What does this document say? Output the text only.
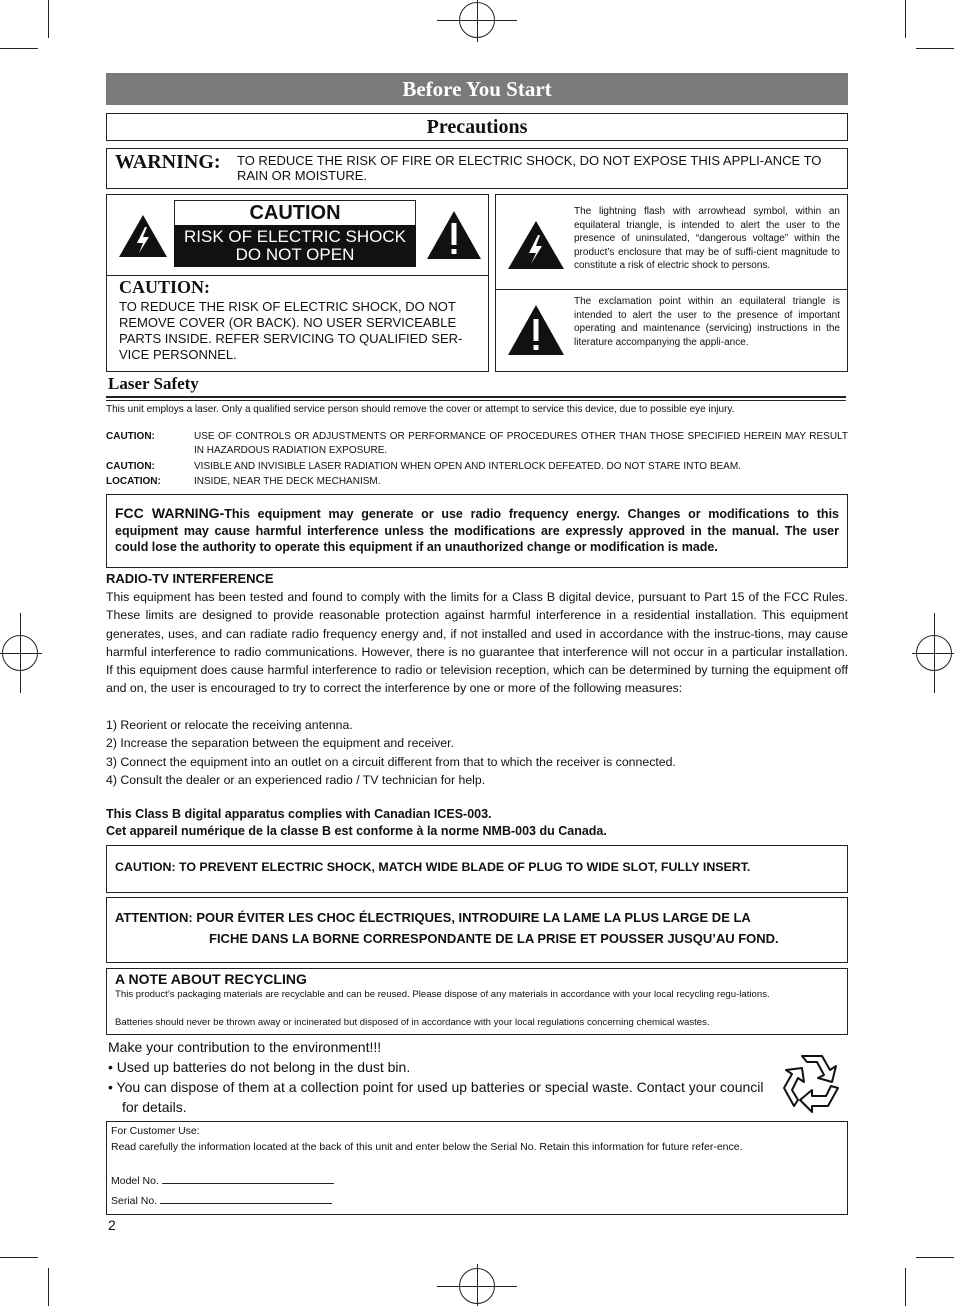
Before You Start
Precautions
WARNING: TO REDUCE THE RISK OF FIRE OR ELECTRIC SHOCK, DO NOT EXPOSE THIS APPLI-ANCE TO RAIN OR MOISTURE.
CAUTION
RISK OF ELECTRIC SHOCK
DO NOT OPEN
CAUTION:
TO REDUCE THE RISK OF ELECTRIC SHOCK, DO NOT REMOVE COVER (OR BACK). NO USER SERVICEABLE PARTS INSIDE. REFER SERVICING TO QUALIFIED SER-VICE PERSONNEL.
The lightning flash with arrowhead symbol, within an equilateral triangle, is intended to alert the user to the presence of uninsulated, “dangerous voltage” within the product’s enclosure that may be of suffi-cient magnitude to constitute a risk of electric shock to persons.
The exclamation point within an equilateral triangle is intended to alert the user to the presence of important operating and maintenance (servicing) instructions in the literature accompanying the appli-ance.
Laser Safety
This unit employs a laser. Only a qualified service person should remove the cover or attempt to service this device, due to possible eye injury.
CAUTION:	USE OF CONTROLS OR ADJUSTMENTS OR PERFORMANCE OF PROCEDURES OTHER THAN THOSE SPECIFIED HEREIN MAY RESULT IN HAZARDOUS RADIATION EXPOSURE.
CAUTION:	VISIBLE AND INVISIBLE LASER RADIATION WHEN OPEN AND INTERLOCK DEFEATED. DO NOT STARE INTO BEAM.
LOCATION:	INSIDE, NEAR THE DECK MECHANISM.
FCC WARNING-This equipment may generate or use radio frequency energy. Changes or modifications to this equipment may cause harmful interference unless the modifications are expressly approved in the manual. The user could lose the authority to operate this equipment if an unauthorized change or modification is made.
RADIO-TV INTERFERENCE
This equipment has been tested and found to comply with the limits for a Class B digital device, pursuant to Part 15 of the FCC Rules. These limits are designed to provide reasonable protection against harmful interference in a residential installation. This equipment generates, uses, and can radiate radio frequency energy and, if not installed and used in accordance with the instruc-tions, may cause harmful interference to radio communications. However, there is no guarantee that interference will not occur in a particular installation. If this equipment does cause harmful interference to radio or television reception, which can be determined by turning the equipment off and on, the user is encouraged to try to correct the interference by one or more of the following measures:
1) Reorient or relocate the receiving antenna.
2) Increase the separation between the equipment and receiver.
3) Connect the equipment into an outlet on a circuit different from that to which the receiver is connected.
4) Consult the dealer or an experienced radio / TV technician for help.
This Class B digital apparatus complies with Canadian ICES-003.
Cet appareil numérique de la classe B est conforme à la norme NMB-003 du Canada.
CAUTION: TO PREVENT ELECTRIC SHOCK, MATCH WIDE BLADE OF PLUG TO WIDE SLOT, FULLY INSERT.
ATTENTION: POUR ÉVITER LES CHOC ÉLECTRIQUES, INTRODUIRE LA LAME LA PLUS LARGE DE LA
FICHE DANS LA BORNE CORRESPONDANTE DE LA PRISE ET POUSSER JUSQU’AU FOND.
A NOTE ABOUT RECYCLING
This product’s packaging materials are recyclable and can be reused. Please dispose of any materials in accordance with your local recycling regu-lations.
Batteries should never be thrown away or incinerated but disposed of in accordance with your local regulations concerning chemical wastes.
Make your contribution to the environment!!!
• Used up batteries do not belong in the dust bin.
• You can dispose of them at a collection point for used up batteries or special waste. Contact your council for details.
For Customer Use:
Read carefully the information located at the back of this unit and enter below the Serial No. Retain this information for future refer-ence.
Model No.
Serial No.
2
